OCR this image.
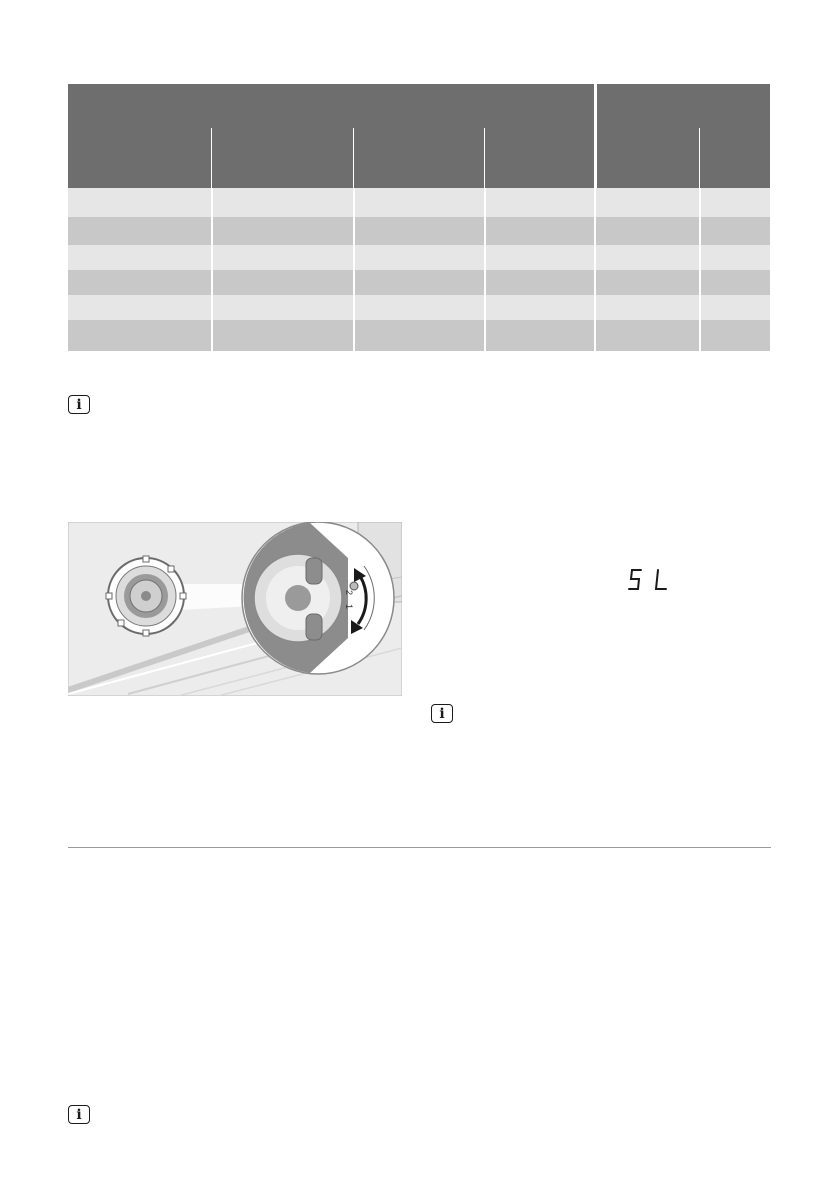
i
i
i
2
1
